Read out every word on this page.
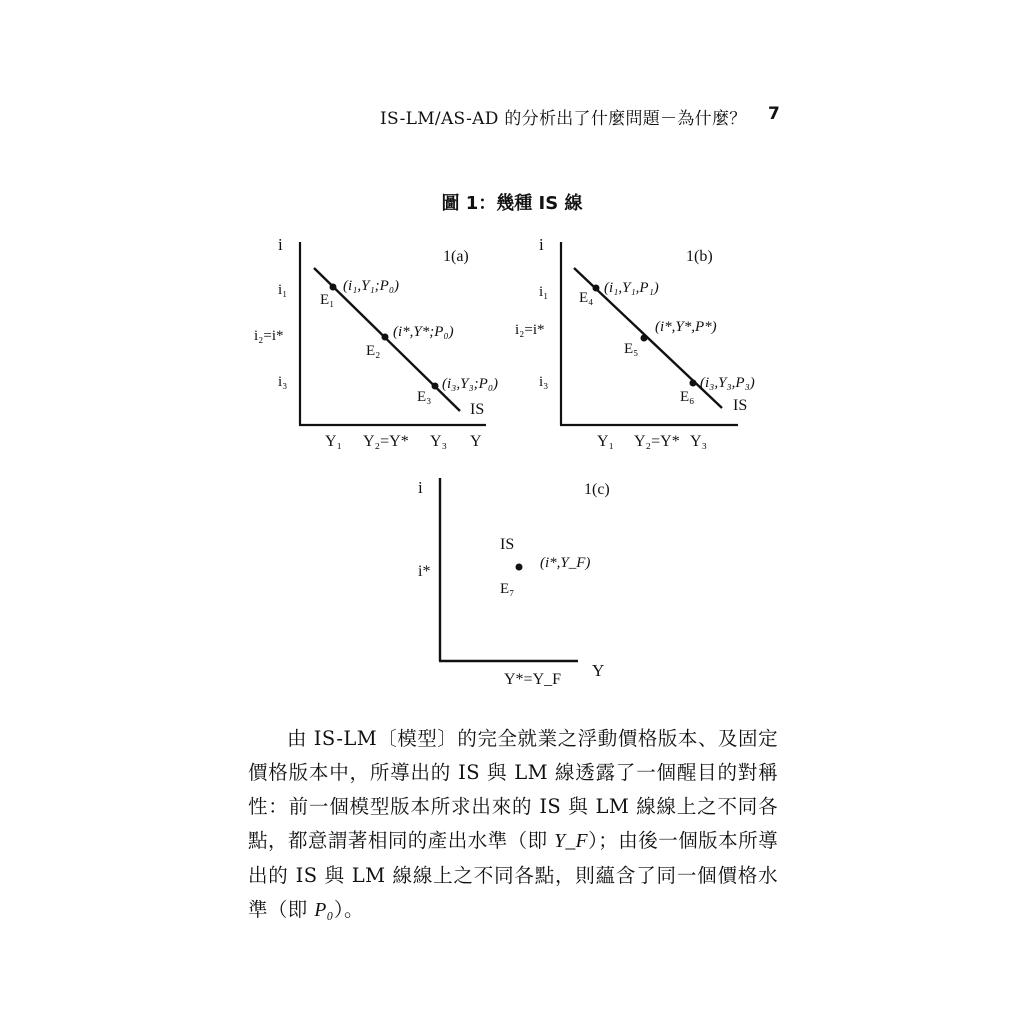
IS-LM/AS-AD 的分析出了什麼問題－為什麼？ 7
圖 1：幾種 IS 線
i
1(a)
i₁
i₂=i*
i₃
Y₁ Y₂=Y* Y₃ Y
IS
E₁
(i₁,Y₁;P₀)
E₂
(i*,Y*;P₀)
E₃
(i₃,Y₃;P₀)
i
1(b)
i₁
i₂=i*
i₃
Y₁ Y₂=Y* Y₃
IS
E₄
(i₁,Y₁,P₁)
E₅
(i*,Y*,P*)
E₆
(i₃,Y₃,P₃)
i	1(c)
i*
Y*=Y_F Y
IS
E₇
(i*,Y_F)

由 IS-LM〔模型〕的完全就業之浮動價格版本、及固定價格版本中，所導出的 IS 與 LM 線透露了一個醒目的對稱性：前一個模型版本所求出來的 IS 與 LM 線線上之不同各點，都意謂著相同的產出水準（即 Y_F）；由後一個版本所導出的 IS 與 LM 線線上之不同各點，則蘊含了同一個價格水準（即 P₀）。
